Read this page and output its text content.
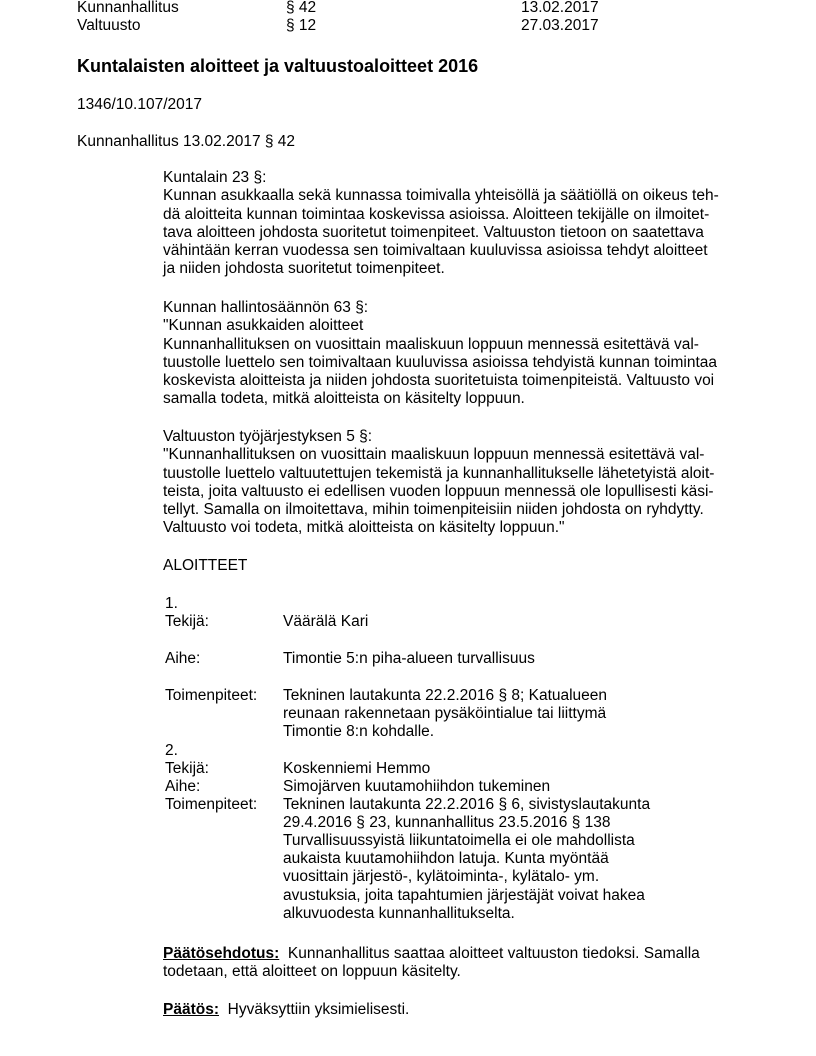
Kunnanhallitus	§ 42	13.02.2017
Valtuusto	§ 12	27.03.2017
Kuntalaisten aloitteet ja valtuustoaloitteet 2016
1346/10.107/2017
Kunnanhallitus 13.02.2017 § 42
Kuntalain 23 §:
Kunnan asukkaalla sekä kunnassa toimivalla yhteisöllä ja säätiöllä on oikeus teh-
dä aloitteita kunnan toimintaa koskevissa asioissa. Aloitteen tekijälle on ilmoitet-
tava aloitteen johdosta suoritetut toimenpiteet. Valtuuston tietoon on saatettava
vähintään kerran vuodessa sen toimivaltaan kuuluvissa asioissa tehdyt aloitteet
ja niiden johdosta suoritetut toimenpiteet.
Kunnan hallintosäännön 63 §:
"Kunnan asukkaiden aloitteet
Kunnanhallituksen on vuosittain maaliskuun loppuun mennessä esitettävä val-
tuustolle luettelo sen toimivaltaan kuuluvissa asioissa tehdyistä kunnan toimintaa
koskevista aloitteista ja niiden johdosta suoritetuista toimenpiteistä. Valtuusto voi
samalla todeta, mitkä aloitteista on käsitelty loppuun.
Valtuuston työjärjestyksen 5 §:
"Kunnanhallituksen on vuosittain maaliskuun loppuun mennessä esitettävä val-
tuustolle luettelo valtuutettujen tekemistä ja kunnanhallitukselle lähetetyistä aloit-
teista, joita valtuusto ei edellisen vuoden loppuun mennessä ole lopullisesti käsi-
tellyt. Samalla on ilmoitettava, mihin toimenpiteisiin niiden johdosta on ryhdytty.
Valtuusto voi todeta, mitkä aloitteista on käsitelty loppuun."
ALOITTEET
1.
Tekijä:	Väärälä Kari
Aihe:	Timontie 5:n piha-alueen turvallisuus
Toimenpiteet: Tekninen lautakunta 22.2.2016 § 8; Katualueen
reunaan rakennetaan pysäköintialue tai liittymä
Timontie 8:n kohdalle.
2.
Tekijä:	Koskenniemi Hemmo
Aihe:	Simojärven kuutamohiihdon tukeminen
Toimenpiteet: Tekninen lautakunta 22.2.2016 § 6, sivistyslautakunta
29.4.2016 § 23, kunnanhallitus 23.5.2016 § 138
Turvallisuussyistä liikuntatoimella ei ole mahdollista
aukaista kuutamohiihdon latuja. Kunta myöntää
vuosittain järjestö-, kylätoiminta-, kylätalo- ym.
avustuksia, joita tapahtumien järjestäjät voivat hakea
alkuvuodesta kunnanhallitukselta.
Päätösehdotus: Kunnanhallitus saattaa aloitteet valtuuston tiedoksi. Samalla
todetaan, että aloitteet on loppuun käsitelty.
Päätös: Hyväksyttiin yksimielisesti.
